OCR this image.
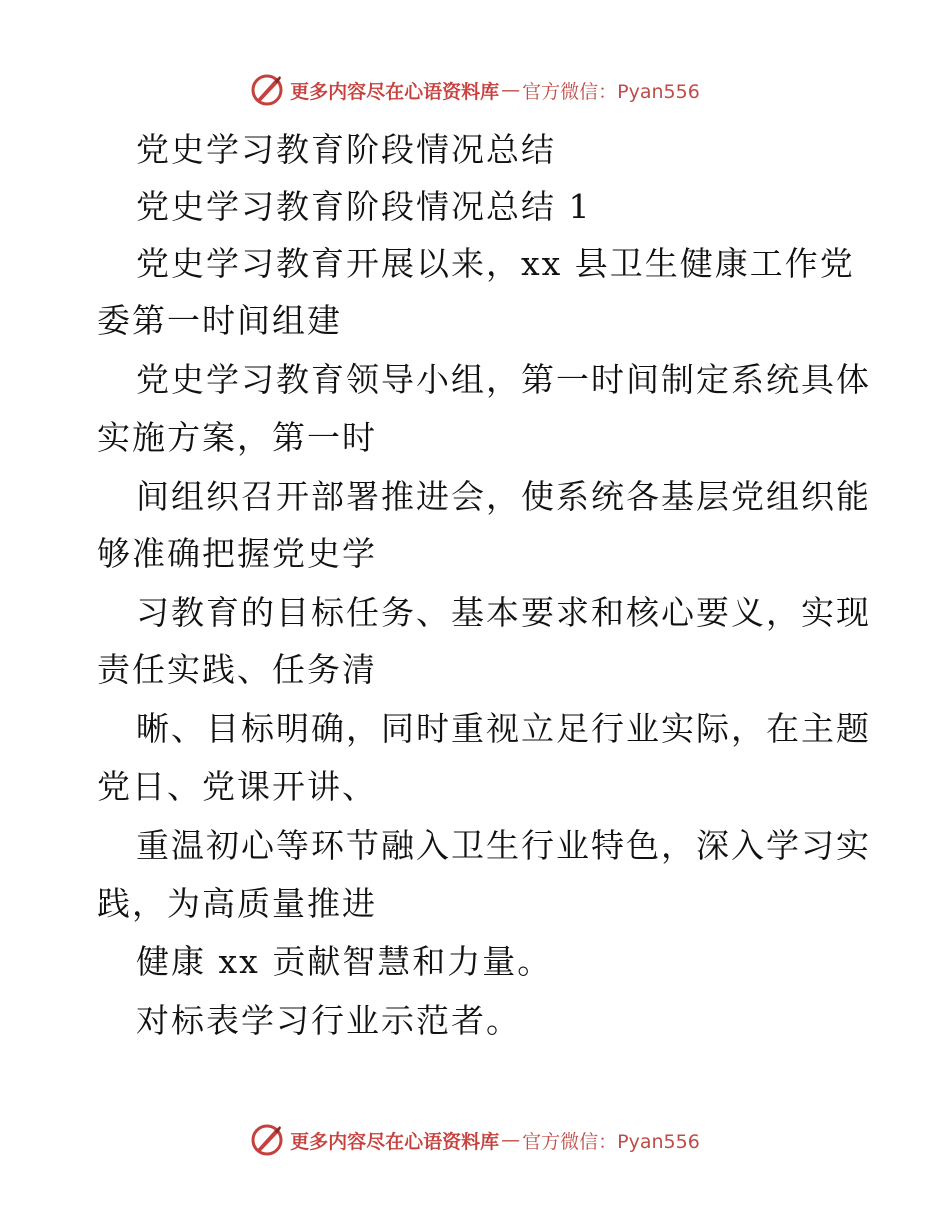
更多内容尽在心语资料库 — 官方微信：Pyan556
党史学习教育阶段情况总结
党史学习教育阶段情况总结 1
党史学习教育开展以来，xx 县卫生健康工作党
委第一时间组建
党史学习教育领导小组，第一时间制定系统具体
实施方案，第一时
间组织召开部署推进会，使系统各基层党组织能
够准确把握党史学
习教育的目标任务、基本要求和核心要义，实现
责任实践、任务清
晰、目标明确，同时重视立足行业实际，在主题
党日、党课开讲、
重温初心等环节融入卫生行业特色，深入学习实
践，为高质量推进
健康 xx 贡献智慧和力量。
对标表学习行业示范者。
更多内容尽在心语资料库 — 官方微信：Pyan556
